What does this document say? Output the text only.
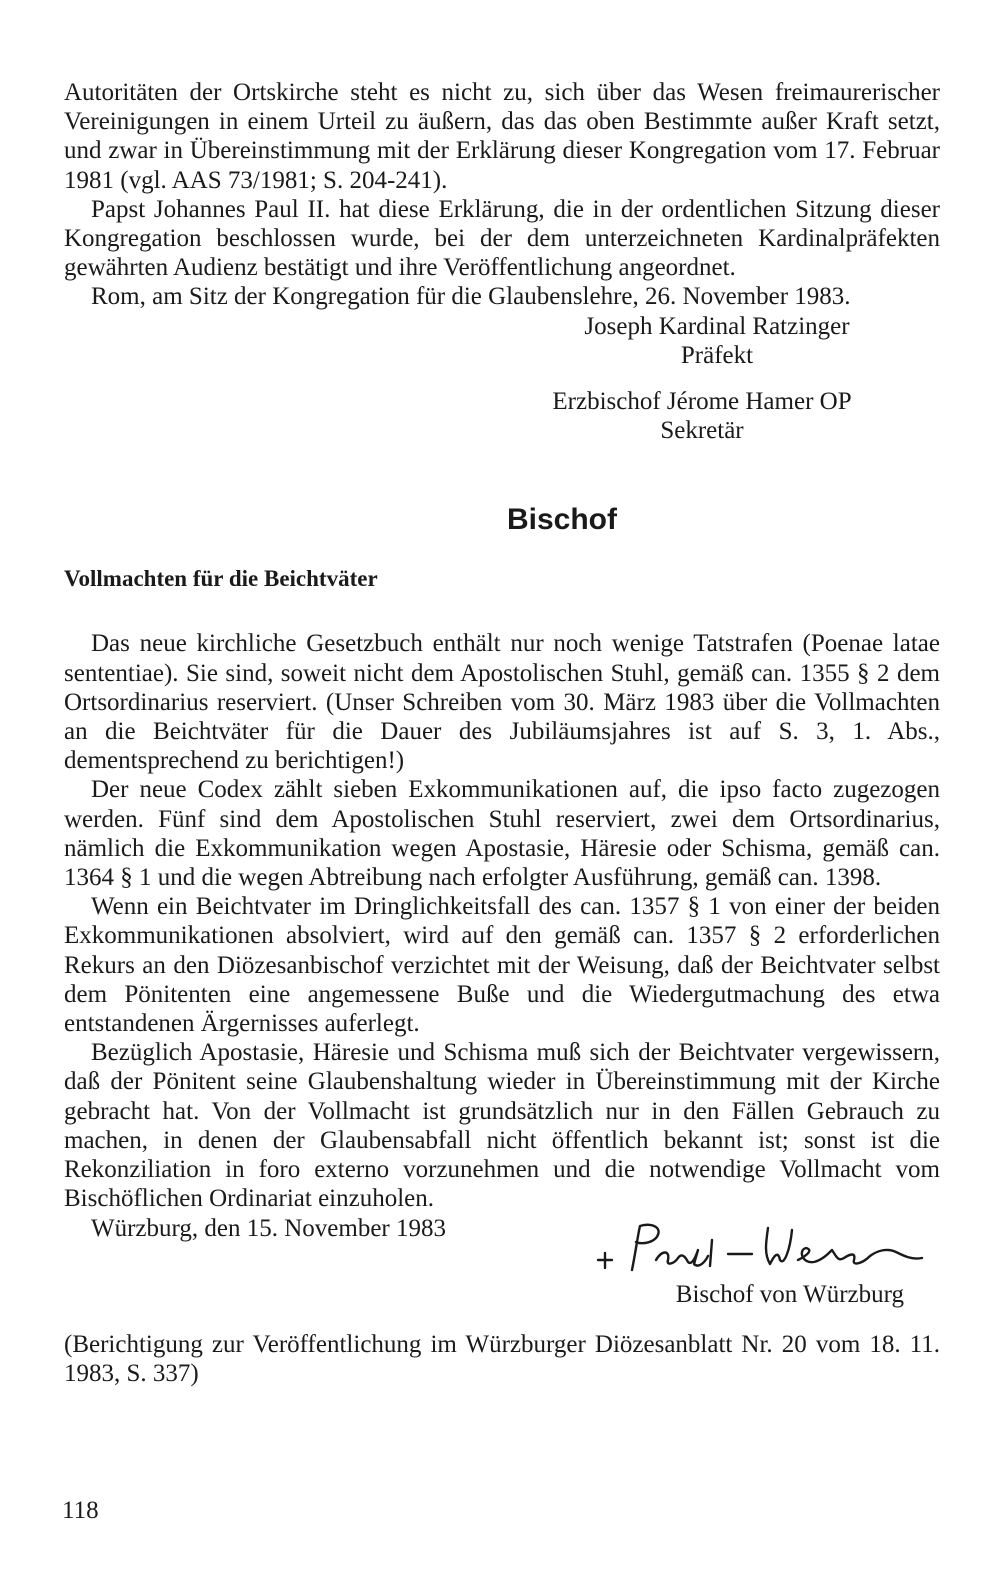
Autoritäten der Ortskirche steht es nicht zu, sich über das Wesen freimaurerischer Vereinigungen in einem Urteil zu äußern, das das oben Bestimmte außer Kraft setzt, und zwar in Übereinstimmung mit der Erklärung dieser Kongregation vom 17. Februar 1981 (vgl. AAS 73/1981; S. 204-241).

Papst Johannes Paul II. hat diese Erklärung, die in der ordentlichen Sitzung dieser Kongregation beschlossen wurde, bei der dem unterzeichneten Kardinalpräfekten gewährten Audienz bestätigt und ihre Veröffentlichung angeordnet.

Rom, am Sitz der Kongregation für die Glaubenslehre, 26. November 1983.

Joseph Kardinal Ratzinger
Präfekt
Erzbischof Jérome Hamer OP
Sekretär
Bischof
Vollmachten für die Beichtväter

Das neue kirchliche Gesetzbuch enthält nur noch wenige Tatstrafen (Poenae latae sententiae). Sie sind, soweit nicht dem Apostolischen Stuhl, gemäß can. 1355 § 2 dem Ortsordinarius reserviert. (Unser Schreiben vom 30. März 1983 über die Vollmachten an die Beichtväter für die Dauer des Jubiläumsjahres ist auf S. 3, 1. Abs., dementsprechend zu berichtigen!)

Der neue Codex zählt sieben Exkommunikationen auf, die ipso facto zugezogen werden. Fünf sind dem Apostolischen Stuhl reserviert, zwei dem Ortsordinarius, nämlich die Exkommunikation wegen Apostasie, Häresie oder Schisma, gemäß can. 1364 § 1 und die wegen Abtreibung nach erfolgter Ausführung, gemäß can. 1398.

Wenn ein Beichtvater im Dringlichkeitsfall des can. 1357 § 1 von einer der beiden Exkommunikationen absolviert, wird auf den gemäß can. 1357 § 2 erforderlichen Rekurs an den Diözesanbischof verzichtet mit der Weisung, daß der Beichtvater selbst dem Pönitenten eine angemessene Buße und die Wiedergutmachung des etwa entstandenen Ärgernisses auferlegt.

Bezüglich Apostasie, Häresie und Schisma muß sich der Beichtvater vergewissern, daß der Pönitent seine Glaubenshaltung wieder in Übereinstimmung mit der Kirche gebracht hat. Von der Vollmacht ist grundsätzlich nur in den Fällen Gebrauch zu machen, in denen der Glaubensabfall nicht öffentlich bekannt ist; sonst ist die Rekonziliation in foro externo vorzunehmen und die notwendige Vollmacht vom Bischöflichen Ordinariat einzuholen.

Würzburg, den 15. November 1983
Bischof von Würzburg

(Berichtigung zur Veröffentlichung im Würzburger Diözesanblatt Nr. 20 vom 18. 11. 1983, S. 337)

118
